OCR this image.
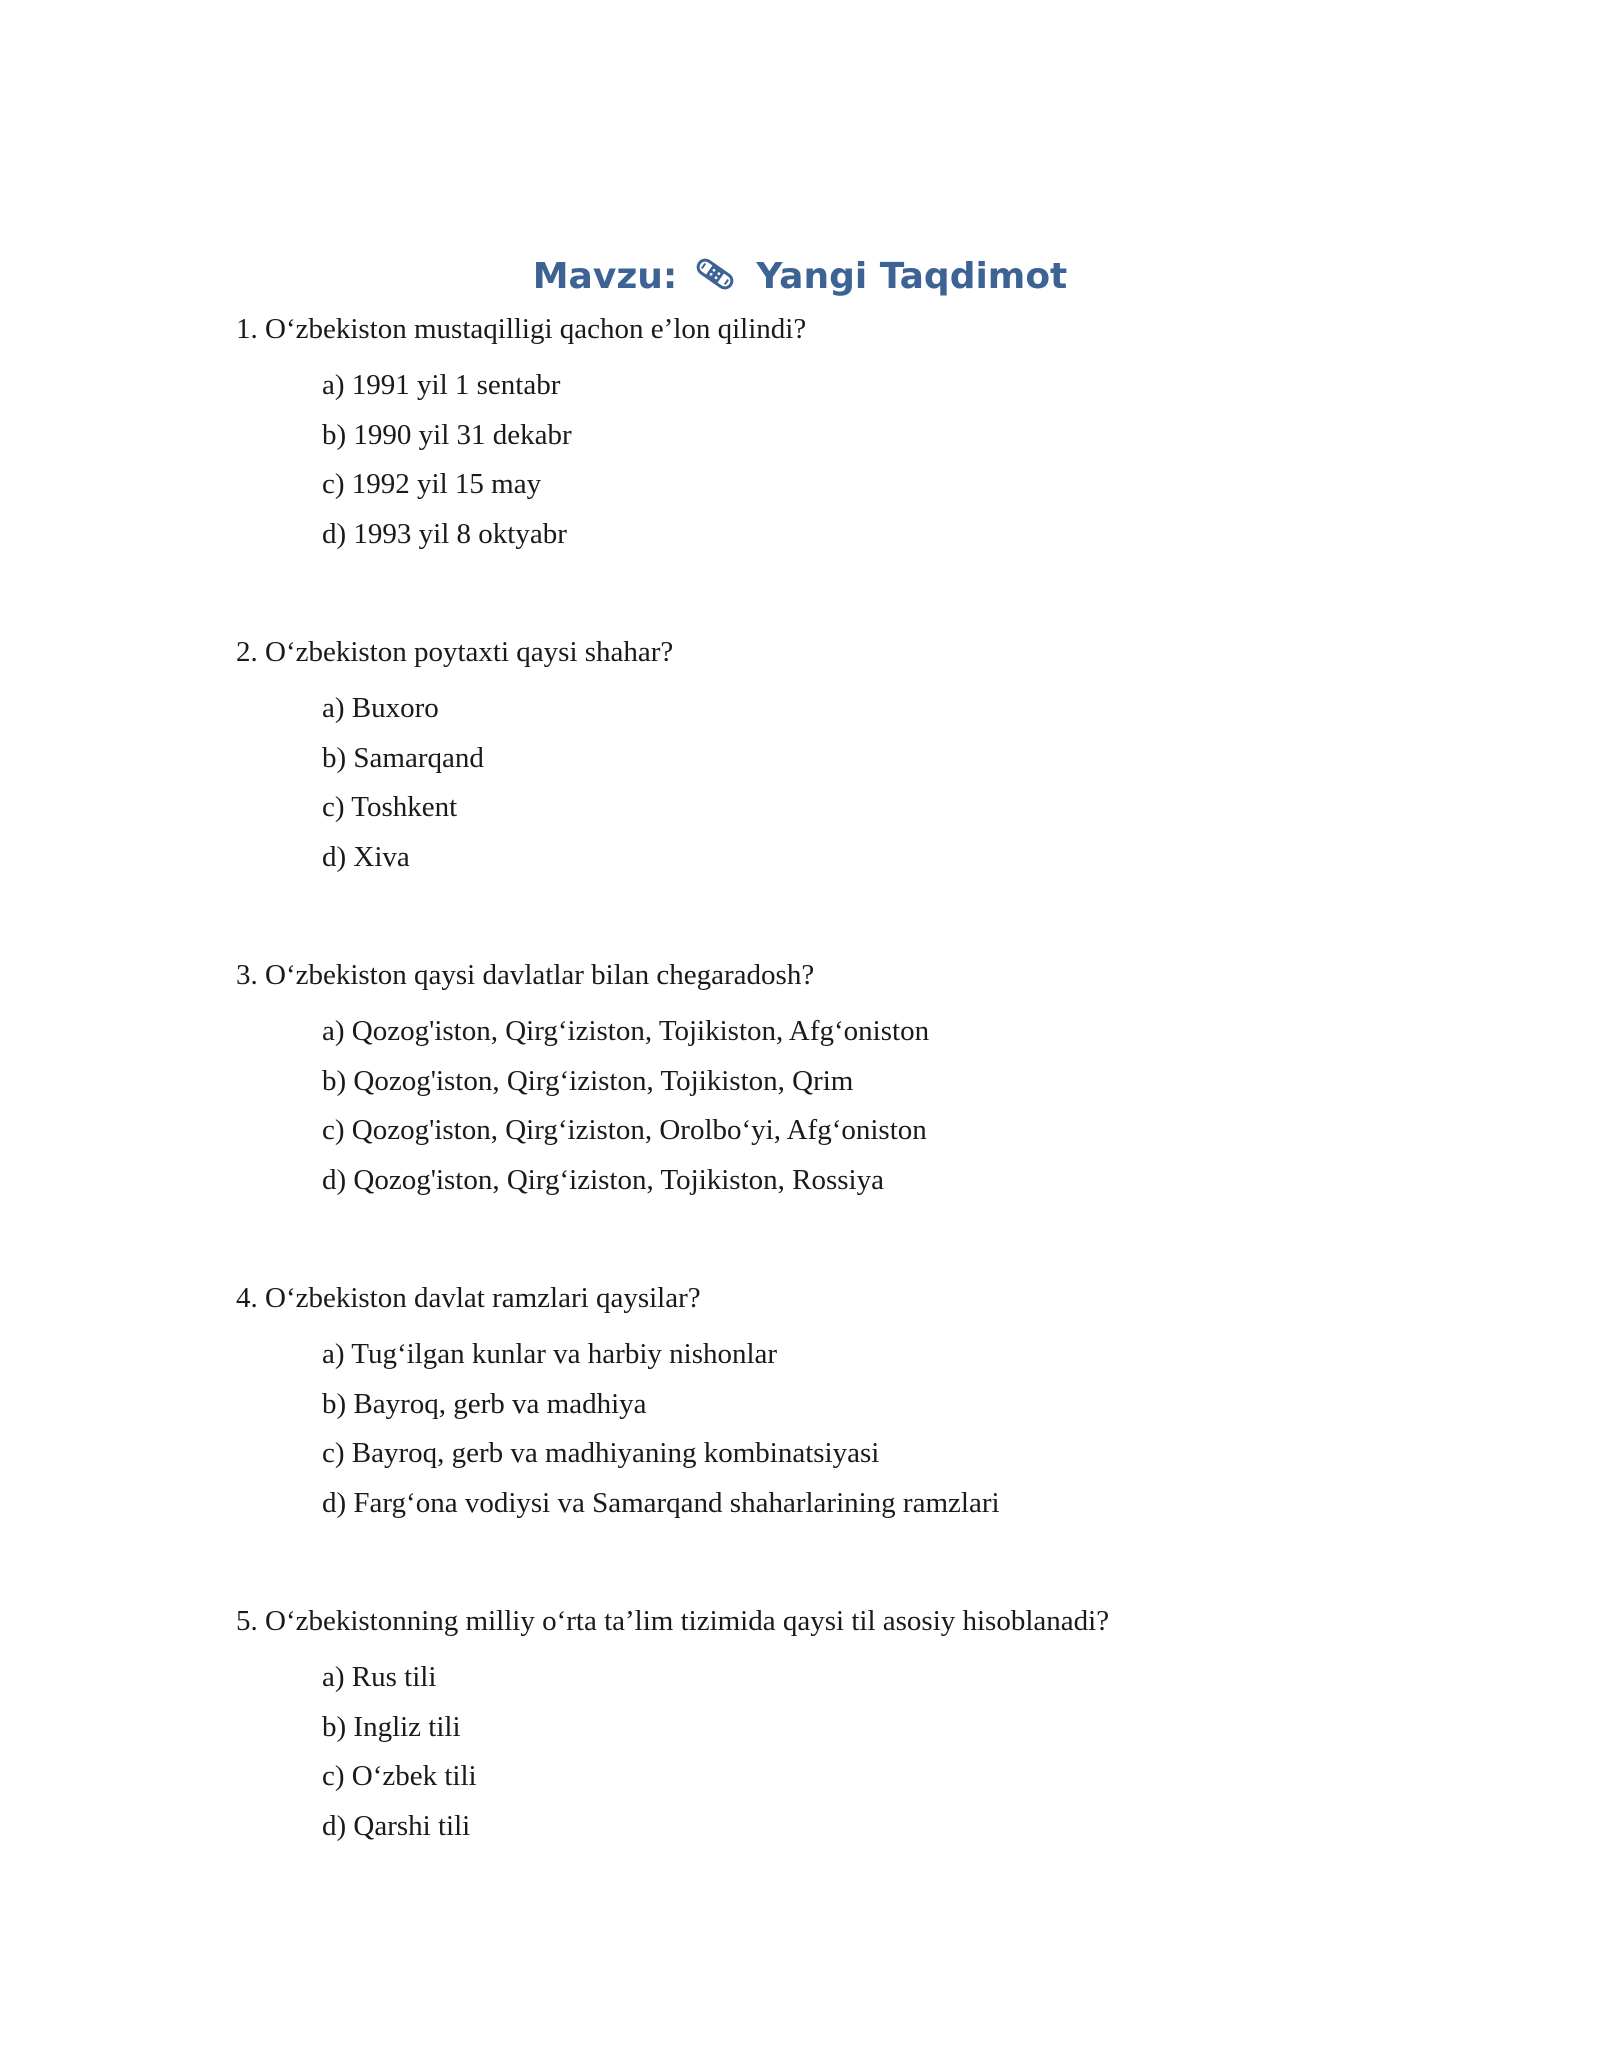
Mavzu: Yangi Taqdimot
1. O‘zbekiston mustaqilligi qachon e’lon qilindi?
a) 1991 yil 1 sentabr
b) 1990 yil 31 dekabr
c) 1992 yil 15 may
d) 1993 yil 8 oktyabr
2. O‘zbekiston poytaxti qaysi shahar?
a) Buxoro
b) Samarqand
c) Toshkent
d) Xiva
3. O‘zbekiston qaysi davlatlar bilan chegaradosh?
a) Qozog'iston, Qirg‘iziston, Tojikiston, Afg‘oniston
b) Qozog'iston, Qirg‘iziston, Tojikiston, Qrim
c) Qozog'iston, Qirg‘iziston, Orolbo‘yi, Afg‘oniston
d) Qozog'iston, Qirg‘iziston, Tojikiston, Rossiya
4. O‘zbekiston davlat ramzlari qaysilar?
a) Tug‘ilgan kunlar va harbiy nishonlar
b) Bayroq, gerb va madhiya
c) Bayroq, gerb va madhiyaning kombinatsiyasi
d) Farg‘ona vodiysi va Samarqand shaharlarining ramzlari
5. O‘zbekistonning milliy o‘rta ta’lim tizimida qaysi til asosiy hisoblanadi?
a) Rus tili
b) Ingliz tili
c) O‘zbek tili
d) Qarshi tili
